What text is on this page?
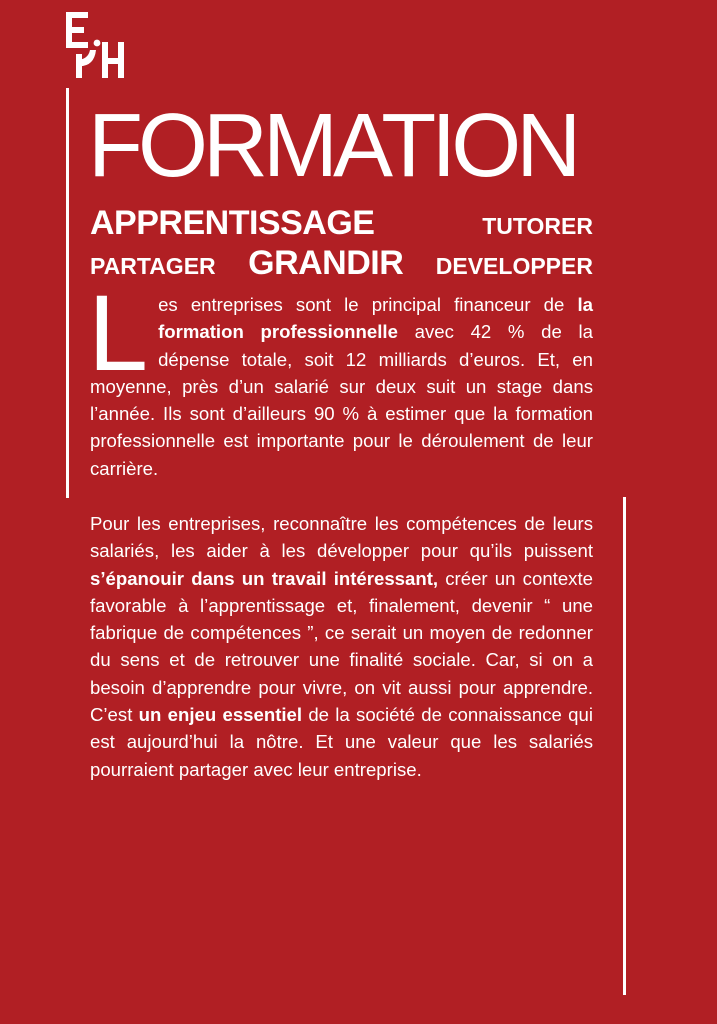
FORMATION
APPRENTISSAGE	TUTORER
PARTAGER GRANDIR DEVELOPPER

Les entreprises sont le principal financeur de la formation professionnelle avec 42 % de la dépense totale, soit 12 milliards d’euros. Et, en moyenne, près d’un salarié sur deux suit un stage dans l’année. Ils sont d’ailleurs 90 % à estimer que la formation professionnelle est importante pour le déroulement de leur carrière.

Pour les entreprises, reconnaître les compétences de leurs salariés, les aider à les développer pour qu’ils puissent s’épanouir dans un travail intéressant, créer un contexte favorable à l’apprentissage et, finalement, devenir “ une fabrique de compétences ”, ce serait un moyen de redonner du sens et de retrouver une finalité sociale. Car, si on a besoin d’apprendre pour vivre, on vit aussi pour apprendre. C’est un enjeu essentiel de la société de connaissance qui est aujourd’hui la nôtre. Et une valeur que les salariés pourraient partager avec leur entreprise.
